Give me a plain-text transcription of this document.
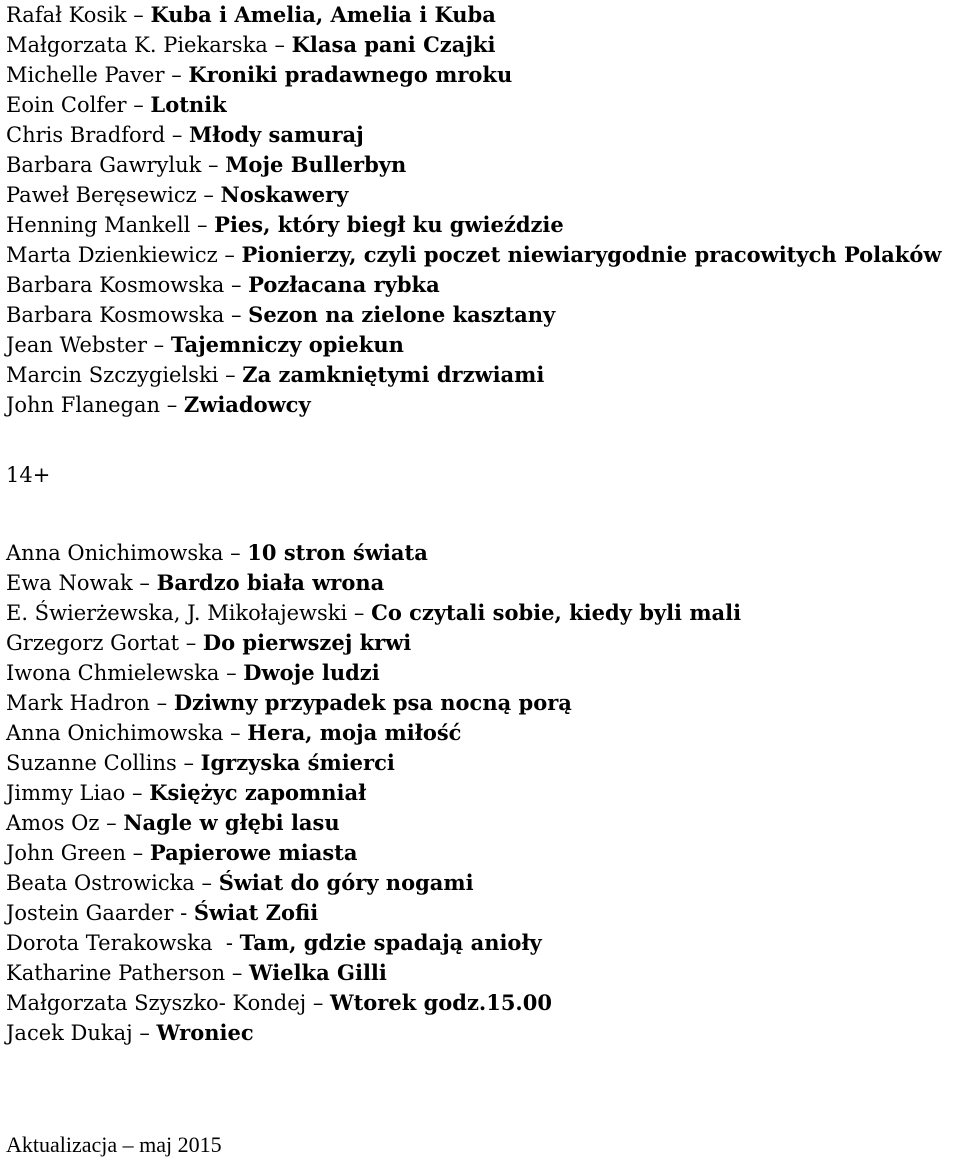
Rafał Kosik – Kuba i Amelia, Amelia i Kuba
Małgorzata K. Piekarska – Klasa pani Czajki
Michelle Paver – Kroniki pradawnego mroku
Eoin Colfer – Lotnik
Chris Bradford – Młody samuraj
Barbara Gawryluk – Moje Bullerbyn
Paweł Beręsewicz – Noskawery
Henning Mankell – Pies, który biegł ku gwieździe
Marta Dzienkiewicz – Pionierzy, czyli poczet niewiarygodnie pracowitych Polaków
Barbara Kosmowska – Pozłacana rybka
Barbara Kosmowska – Sezon na zielone kasztany
Jean Webster – Tajemniczy opiekun
Marcin Szczygielski – Za zamkniętymi drzwiami
John Flanegan – Zwiadowcy
14+
Anna Onichimowska – 10 stron świata
Ewa Nowak – Bardzo biała wrona
E. Świerżewska, J. Mikołajewski – Co czytali sobie, kiedy byli mali
Grzegorz Gortat – Do pierwszej krwi
Iwona Chmielewska – Dwoje ludzi
Mark Hadron – Dziwny przypadek psa nocną porą
Anna Onichimowska – Hera, moja miłość
Suzanne Collins – Igrzyska śmierci
Jimmy Liao – Księżyc zapomniał
Amos Oz – Nagle w głębi lasu
John Green – Papierowe miasta
Beata Ostrowicka – Świat do góry nogami
Jostein Gaarder - Świat Zofii
Dorota Terakowska  - Tam, gdzie spadają anioły
Katharine Patherson – Wielka Gilli
Małgorzata Szyszko- Kondej – Wtorek godz.15.00
Jacek Dukaj – Wroniec
Aktualizacja – maj 2015
